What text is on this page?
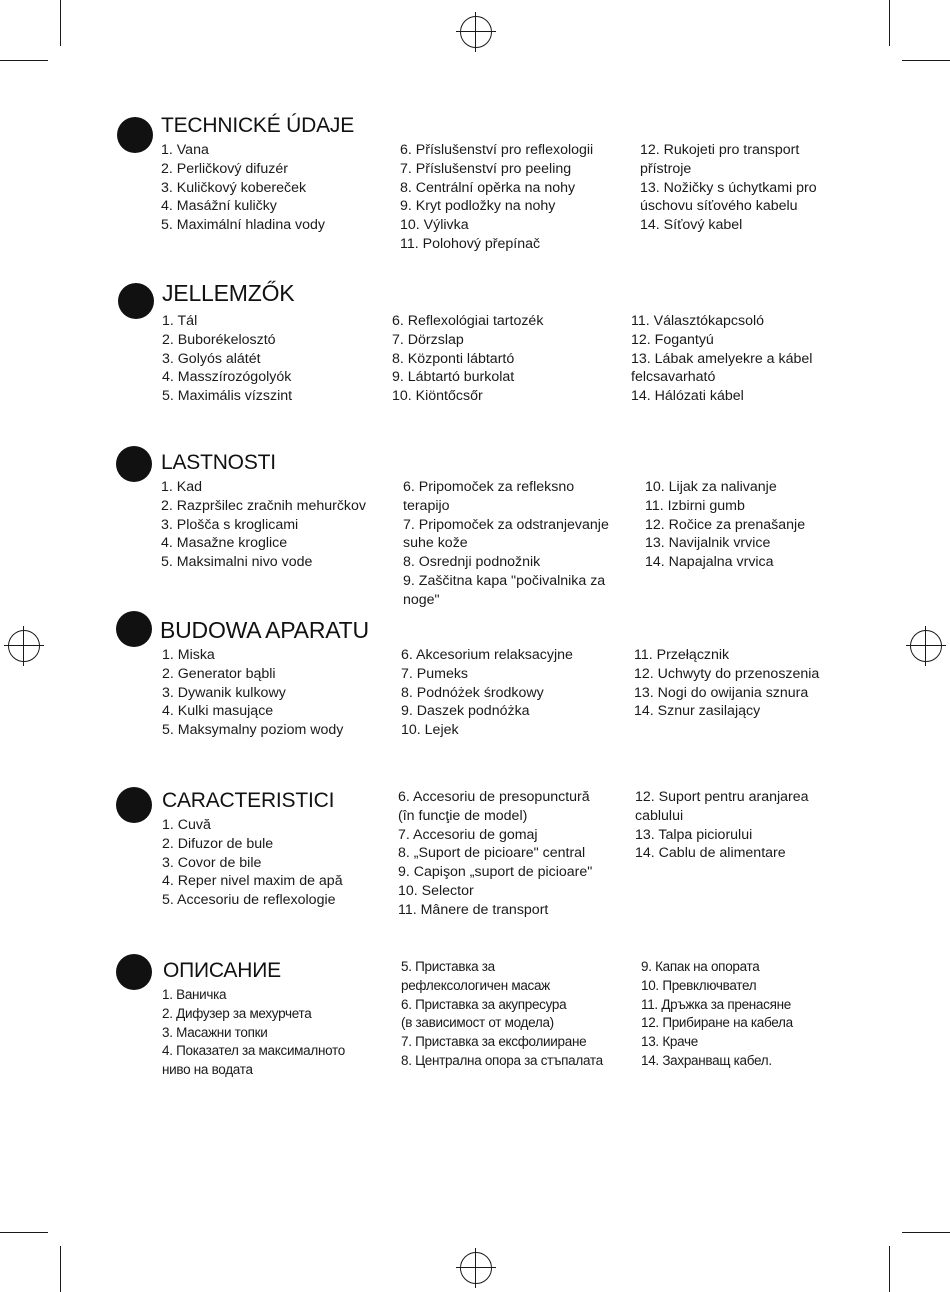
TECHNICKÉ ÚDAJE
1. Vana
2. Perličkový difuzér
3. Kuličkový kobereček
4. Masážní kuličky
5. Maximální hladina vody
6. Příslušenství pro reflexologii
7. Příslušenství pro peeling
8. Centrální opěrka na nohy
9. Kryt podložky na nohy
10. Výlivka
11. Polohový přepínač
12. Rukojeti pro transport
přístroje
13. Nožičky s úchytkami pro
úschovu síťového kabelu
14. Síťový kabel
JELLEMZŐK
1. Tál
2. Buborékelosztó
3. Golyós alátét
4. Masszírozógolyók
5. Maximális vízszint
6. Reflexológiai tartozék
7. Dörzslap
8. Központi lábtartó
9. Lábtartó burkolat
10. Kiöntőcsőr
11. Választókapcsoló
12. Fogantyú
13. Lábak amelyekre a kábel
felcsavarható
14. Hálózati kábel
LASTNOSTI
1. Kad
2. Razpršilec zračnih mehurčkov
3. Plošča s kroglicami
4. Masažne kroglice
5. Maksimalni nivo vode
6. Pripomoček za refleksno
terapijo
7. Pripomoček za odstranjevanje
suhe kože
8. Osrednji podnožnik
9. Zaščitna kapa "počivalnika za
noge"
10. Lijak za nalivanje
11. Izbirni gumb
12. Ročice za prenašanje
13. Navijalnik vrvice
14. Napajalna vrvica
BUDOWA APARATU
1. Miska
2. Generator bąbli
3. Dywanik kulkowy
4. Kulki masujące
5. Maksymalny poziom wody
6. Akcesorium relaksacyjne
7. Pumeks
8. Podnóżek środkowy
9. Daszek podnóżka
10. Lejek
11. Przełącznik
12. Uchwyty do przenoszenia
13. Nogi do owijania sznura
14. Sznur zasilający
CARACTERISTICI
1. Cuvă
2. Difuzor de bule
3. Covor de bile
4. Reper nivel maxim de apă
5. Accesoriu de reflexologie
6. Accesoriu de presopunctură
(în funcţie de model)
7. Accesoriu de gomaj
8. „Suport de picioare" central
9. Capişon „suport de picioare"
10. Selector
11. Mânere de transport
12. Suport pentru aranjarea
cablului
13. Talpa piciorului
14. Cablu de alimentare
ОПИСАНИЕ
1. Ваничка
2. Дифузер за мехурчета
3. Масажни топки
4. Показател за максималното
ниво на водата
5. Приставка за
рефлексологичен масаж
6. Приставка за акупресура
(в зависимост от модела)
7. Приставка за ексфолииране
8. Централна опора за стъпалата
9. Капак на опората
10. Превключвател
11. Дръжка за пренасяне
12. Прибиране на кабела
13. Краче
14. Захранващ кабел.
